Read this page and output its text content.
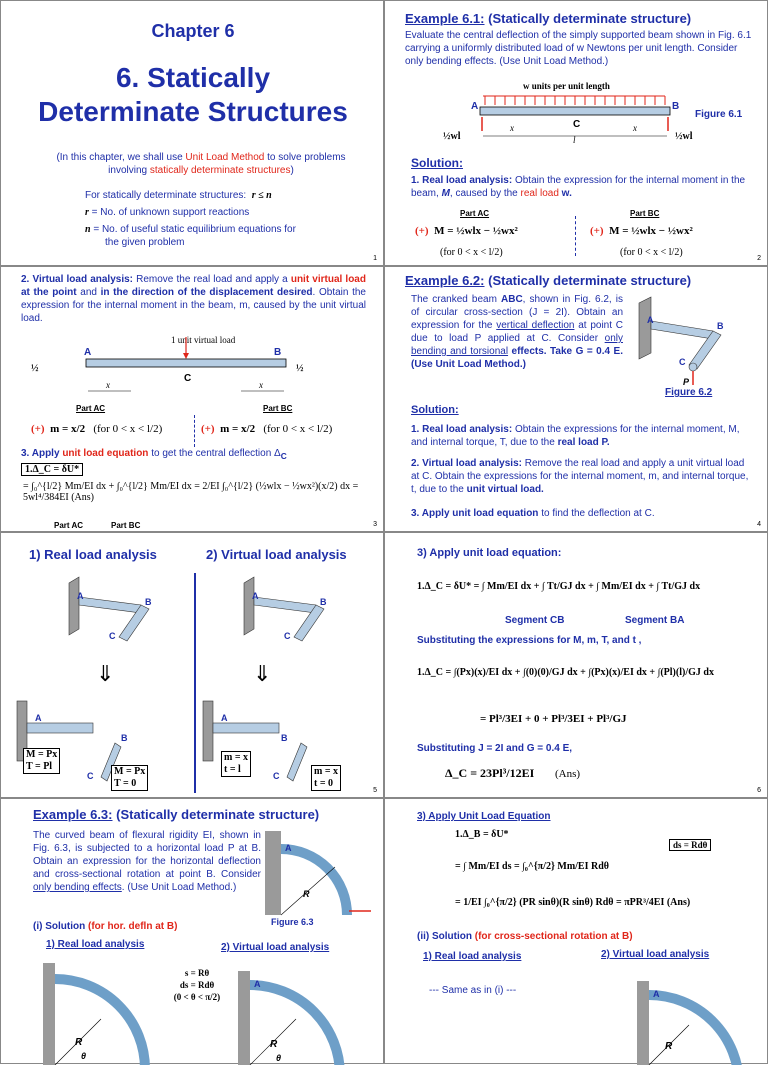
Chapter 6
6. Statically
Determinate Structures
(In this chapter, we shall use Unit Load Method to solve problems involving statically determinate structures)
For statically determinate structures: r ≤ n
r = No. of unknown support reactions
n = No. of useful static equilibrium equations for
the given problem
1
Example 6.1: (Statically determinate structure)
Evaluate the central deflection of the simply supported beam shown in Fig. 6.1 carrying a uniformly distributed load of w Newtons per unit length. Consider only bending effects. (Use Unit Load Method.)
A	B
C
w units per unit length
x	x
l
½wl	½wl
Figure 6.1
Solution:
1. Real load analysis: Obtain the expression for the internal moment in the beam, M, caused by the real load w.
Part AC	Part BC
(+) M = ½wlx − ½wx²	(+) M = ½wlx − ½wx²
(for 0 < x < l/2)	(for 0 < x < l/2)
2
2. Virtual load analysis: Remove the real load and apply a unit virtual load at the point and in the direction of the displacement desired. Obtain the expression for the internal moment in the beam, m, caused by the unit virtual load.
1 unit virtual load
A	B
C
½	½
x	x
Part AC	Part BC
(+) m = x/2 (for 0 < x < l/2)	(+) m = x/2 (for 0 < x < l/2)
3. Apply unit load equation to get the central deflection $\Delta_C$
1.Δ_C = δU*
= ∫₀^{l/2} Mm/EI dx + ∫₀^{l/2} Mm/EI dx = 2/EI ∫₀^{l/2} (½wlx − ½wx²)(x/2) dx = 5wl⁴/384EI (Ans)
Part AC	Part BC	3
Example 6.2: (Statically determinate structure)
The cranked beam ABC, shown in Fig. 6.2, is of circular cross-section (J = 2I). Obtain an expression for the vertical deflection at point C due to load P applied at C. Consider only bending and torsional effects. Take G = 0.4 E. (Use Unit Load Method.)
A
B
C
P
Figure 6.2
Solution:
1. Real load analysis: Obtain the expressions for the internal moment, M, and internal torque, T, due to the real load P.
2. Virtual load analysis: Remove the real load and apply a unit virtual load at C. Obtain the expressions for the internal moment, m, and internal torque, t, due to the unit virtual load.
3. Apply unit load equation to find the deflection at C.
4
1) Real load analysis	2) Virtual load analysis
A
B
C
A
B
C
⇓	⇓
A
B
C
M = Px
T = Pl	M = Px
T = 0
A
B
C
m = x
t = l	m = x
t = 0
5
3) Apply unit load equation:
1.Δ_C = δU* = ∫ Mm/EI dx + ∫ Tt/GJ dx + ∫ Mm/EI dx + ∫ Tt/GJ dx
Segment CB	Segment BA
Substituting the expressions for M, m, T, and t ,
1.Δ_C = ∫(Px)(x)/EI dx + ∫(0)(0)/GJ dx + ∫(Px)(x)/EI dx + ∫(Pl)(l)/GJ dx
= Pl³/3EI + 0 + Pl³/3EI + Pl³/GJ
Substituting J = 2I and G = 0.4 E,
Δ_C = 23Pl³/12EI (Ans)
6
Example 6.3: (Statically determinate structure)
The curved beam of flexural rigidity EI, shown in Fig. 6.3, is subjected to a horizontal load P at B. Obtain an expression for the horizontal deflection and cross-sectional rotation at point B. Consider only bending effects. (Use Unit Load Method.)
R
A
Figure 6.3
(i) Solution (for hor. defln at B)
1) Real load analysis	2) Virtual load analysis
s = Rθ
ds = Rdθ
(0 < θ < π/2)
R
θ
R
θ
A
3) Apply Unit Load Equation
1.Δ_B = δU*
ds = Rdθ
= ∫ Mm/EI ds = ∫₀^{π/2} Mm/EI Rdθ
= 1/EI ∫₀^{π/2} (PR sinθ)(R sinθ) Rdθ = πPR³/4EI (Ans)
(ii) Solution (for cross-sectional rotation at B)
1) Real load analysis	2) Virtual load analysis
--- Same as in (i) ---
R
A
